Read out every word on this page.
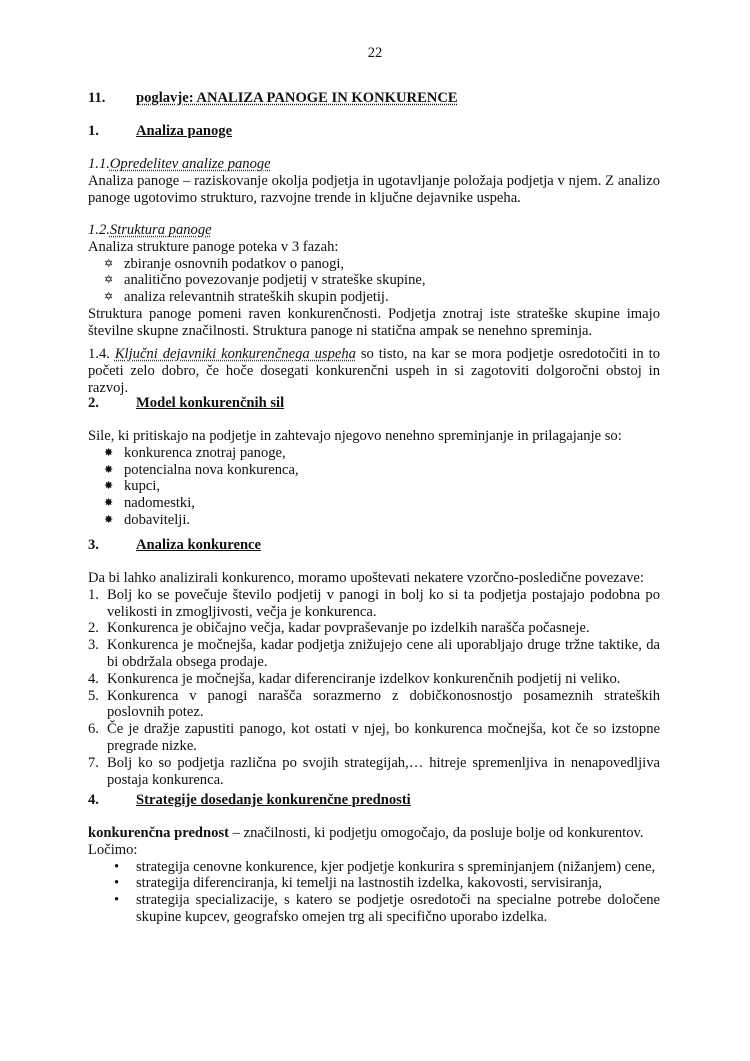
22
11.	poglavje: ANALIZA PANOGE IN KONKURENCE
1.	Analiza panoge
1.1.Opredelitev analize panoge

Analiza panoge – raziskovanje okolja podjetja in ugotavljanje položaja podjetja v njem. Z analizo panoge ugotovimo strukturo, razvojne trende in ključne dejavnike uspeha.

1.2.Struktura panoge

Analiza strukture panoge poteka v 3 fazah:

✡ zbiranje osnovnih podatkov o panogi,
✡ analitično povezovanje podjetij v strateške skupine,
✡ analiza relevantnih strateških skupin podjetij.

Struktura panoge pomeni raven konkurenčnosti. Podjetja znotraj iste strateške skupine imajo številne skupne značilnosti. Struktura panoge ni statična ampak se nenehno spreminja.

1.4. Ključni dejavniki konkurenčnega uspeha so tisto, na kar se mora podjetje osredotočiti in to početi zelo dobro, če hoče dosegati konkurenčni uspeh in si zagotoviti dolgoročni obstoj in razvoj.

2.	Model konkurenčnih sil

Sile, ki pritiskajo na podjetje in zahtevajo njegovo nenehno spreminjanje in prilagajanje so:

✸ konkurenca znotraj panoge,
✸ potencialna nova konkurenca,
✸ kupci,
✸ nadomestki,
✸ dobavitelji.
3.	Analiza konkurence

Da bi lahko analizirali konkurenco, moramo upoštevati nekatere vzorčno-posledične povezave:

1. Bolj ko se povečuje število podjetij v panogi in bolj ko si ta podjetja postajajo podobna po velikosti in zmogljivosti, večja je konkurenca.
2. Konkurenca je običajno večja, kadar povpraševanje po izdelkih narašča počasneje.
3. Konkurenca je močnejša, kadar podjetja znižujejo cene ali uporabljajo druge tržne taktike, da bi obdržala obsega prodaje.
4. Konkurenca je močnejša, kadar diferenciranje izdelkov konkurenčnih podjetij ni veliko.
5. Konkurenca v panogi narašča sorazmerno z dobičkonosnostjo posameznih strateških poslovnih potez.
6. Če je dražje zapustiti panogo, kot ostati v njej, bo konkurenca močnejša, kot če so izstopne pregrade nizke.
7. Bolj ko so podjetja različna po svojih strategijah,… hitreje spremenljiva in nenapovedljiva postaja konkurenca.
4.	Strategije dosedanje konkurenčne prednosti

konkurenčna prednost – značilnosti, ki podjetju omogočajo, da posluje bolje od konkurentov.

Ločimo:

•	strategija cenovne konkurence, kjer podjetje konkurira s spreminjanjem (nižanjem) cene,
•	strategija diferenciranja, ki temelji na lastnostih izdelka, kakovosti, servisiranja,
•	strategija specializacije, s katero se podjetje osredotoči na specialne potrebe določene skupine kupcev, geografsko omejen trg ali specifično uporabo izdelka.
